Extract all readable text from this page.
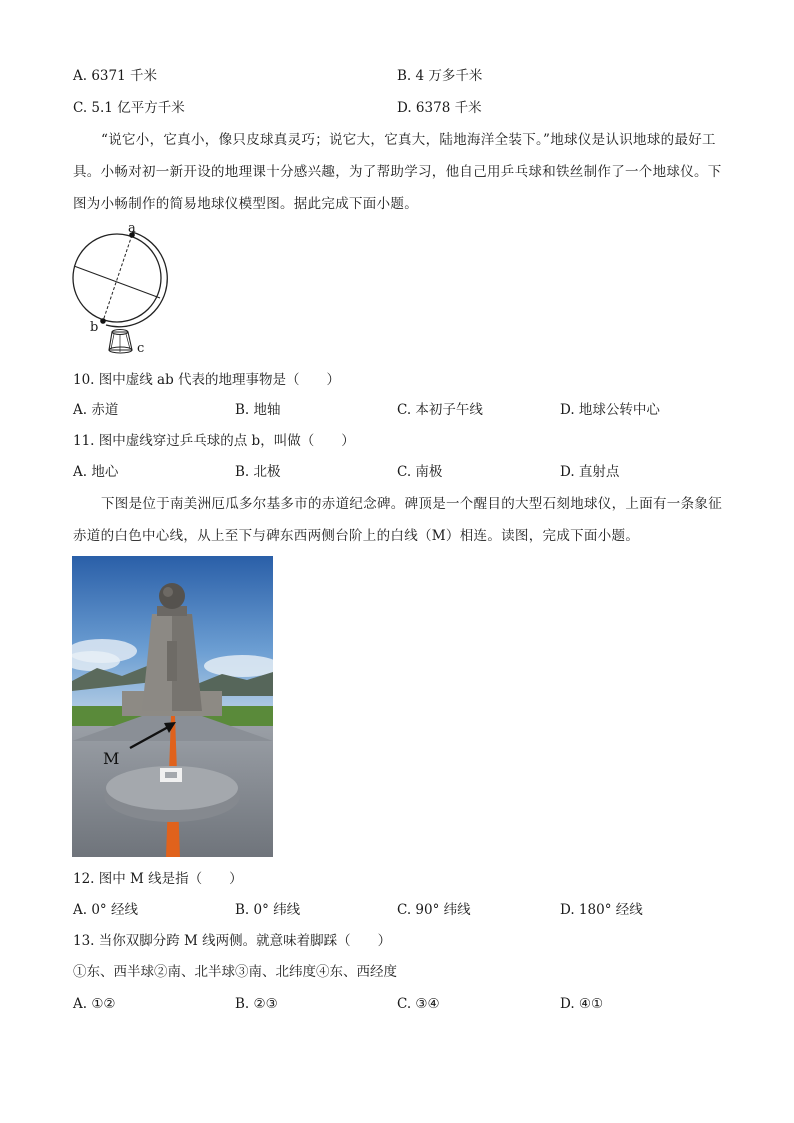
A. 6371 千米	B. 4 万多千米
C. 5.1 亿平方千米	D. 6378 千米
“说它小，它真小，像只皮球真灵巧；说它大，它真大，陆地海洋全装下。”地球仪是认识地球的最好工具。小畅对初一新开设的地理课十分感兴趣，为了帮助学习，他自己用乒乓球和铁丝制作了一个地球仪。下图为小畅制作的简易地球仪模型图。据此完成下面小题。
a
b
c
10. 图中虚线 ab 代表的地理事物是（　　）
A. 赤道	B. 地轴	C. 本初子午线	D. 地球公转中心
11. 图中虚线穿过乒乓球的点 b，叫做（　　）
A. 地心	B. 北极	C. 南极	D. 直射点
下图是位于南美洲厄瓜多尔基多市的赤道纪念碑。碑顶是一个醒目的大型石刻地球仪，上面有一条象征赤道的白色中心线，从上至下与碑东西两侧台阶上的白线（M）相连。读图，完成下面小题。
M
12. 图中 M 线是指（　　）
A. 0° 经线	B. 0° 纬线	C. 90° 纬线	D. 180° 经线
13. 当你双脚分跨 M 线两侧。就意味着脚踩（　　）
①东、西半球②南、北半球③南、北纬度④东、西经度
A. ①②	B. ②③	C. ③④	D. ④①
